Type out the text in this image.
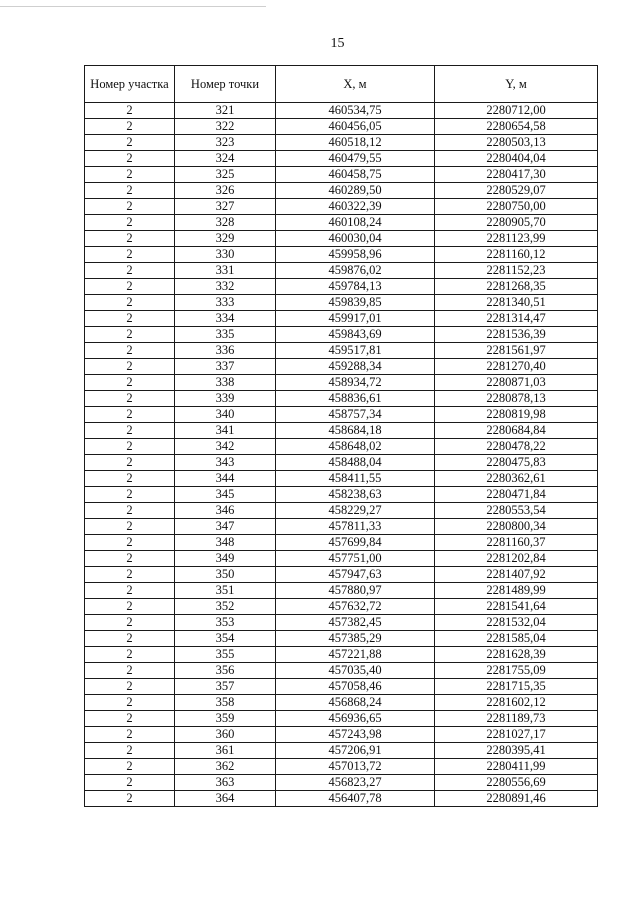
15
Номер участка	Номер точки	X, м	Y, м
2	321	460534,75	2280712,00
2	322	460456,05	2280654,58
2	323	460518,12	2280503,13
2	324	460479,55	2280404,04
2	325	460458,75	2280417,30
2	326	460289,50	2280529,07
2	327	460322,39	2280750,00
2	328	460108,24	2280905,70
2	329	460030,04	2281123,99
2	330	459958,96	2281160,12
2	331	459876,02	2281152,23
2	332	459784,13	2281268,35
2	333	459839,85	2281340,51
2	334	459917,01	2281314,47
2	335	459843,69	2281536,39
2	336	459517,81	2281561,97
2	337	459288,34	2281270,40
2	338	458934,72	2280871,03
2	339	458836,61	2280878,13
2	340	458757,34	2280819,98
2	341	458684,18	2280684,84
2	342	458648,02	2280478,22
2	343	458488,04	2280475,83
2	344	458411,55	2280362,61
2	345	458238,63	2280471,84
2	346	458229,27	2280553,54
2	347	457811,33	2280800,34
2	348	457699,84	2281160,37
2	349	457751,00	2281202,84
2	350	457947,63	2281407,92
2	351	457880,97	2281489,99
2	352	457632,72	2281541,64
2	353	457382,45	2281532,04
2	354	457385,29	2281585,04
2	355	457221,88	2281628,39
2	356	457035,40	2281755,09
2	357	457058,46	2281715,35
2	358	456868,24	2281602,12
2	359	456936,65	2281189,73
2	360	457243,98	2281027,17
2	361	457206,91	2280395,41
2	362	457013,72	2280411,99
2	363	456823,27	2280556,69
2	364	456407,78	2280891,46
